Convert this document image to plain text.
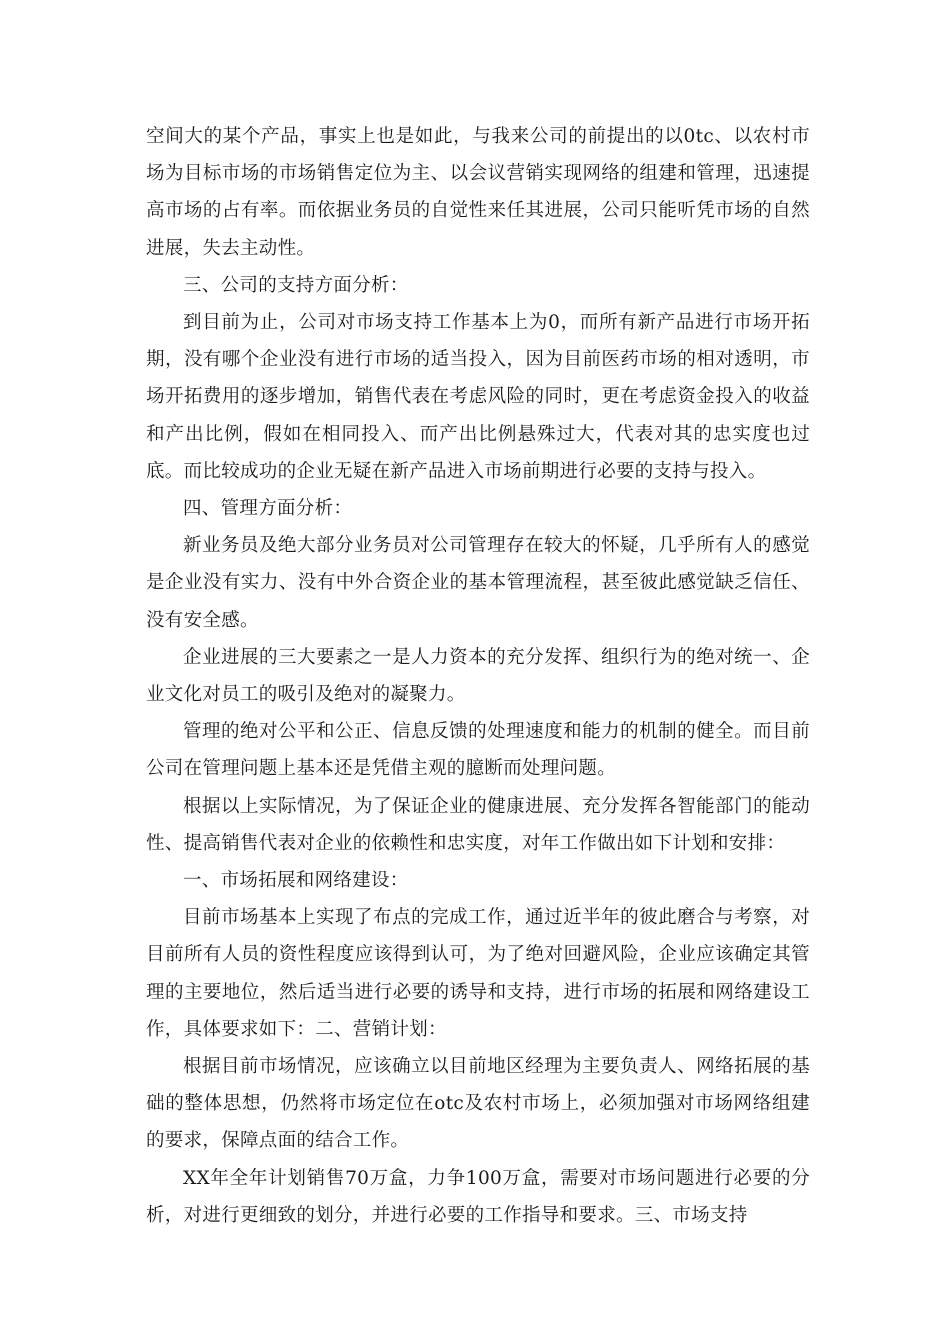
空间大的某个产品，事实上也是如此，与我来公司的前提出的以0tc、以农村市场为目标市场的市场销售定位为主、以会议营销实现网络的组建和管理，迅速提高市场的占有率。而依据业务员的自觉性来任其进展，公司只能听凭市场的自然进展，失去主动性。

三、公司的支持方面分析：

到目前为止，公司对市场支持工作基本上为0，而所有新产品进行市场开拓期，没有哪个企业没有进行市场的适当投入，因为目前医药市场的相对透明，市场开拓费用的逐步增加，销售代表在考虑风险的同时，更在考虑资金投入的收益和产出比例，假如在相同投入、而产出比例悬殊过大，代表对其的忠实度也过底。而比较成功的企业无疑在新产品进入市场前期进行必要的支持与投入。

四、管理方面分析：

新业务员及绝大部分业务员对公司管理存在较大的怀疑，几乎所有人的感觉是企业没有实力、没有中外合资企业的基本管理流程，甚至彼此感觉缺乏信任、没有安全感。

企业进展的三大要素之一是人力资本的充分发挥、组织行为的绝对统一、企业文化对员工的吸引及绝对的凝聚力。

管理的绝对公平和公正、信息反馈的处理速度和能力的机制的健全。而目前公司在管理问题上基本还是凭借主观的臆断而处理问题。

根据以上实际情况，为了保证企业的健康进展、充分发挥各智能部门的能动性、提高销售代表对企业的依赖性和忠实度，对年工作做出如下计划和安排：

一、市场拓展和网络建设：

目前市场基本上实现了布点的完成工作，通过近半年的彼此磨合与考察，对目前所有人员的资性程度应该得到认可，为了绝对回避风险，企业应该确定其管理的主要地位，然后适当进行必要的诱导和支持，进行市场的拓展和网络建设工作，具体要求如下：二、营销计划：

根据目前市场情况，应该确立以目前地区经理为主要负责人、网络拓展的基础的整体思想，仍然将市场定位在otc及农村市场上，必须加强对市场网络组建的要求，保障点面的结合工作。

XX年全年计划销售70万盒，力争100万盒，需要对市场问题进行必要的分析，对进行更细致的划分，并进行必要的工作指导和要求。三、市场支持
